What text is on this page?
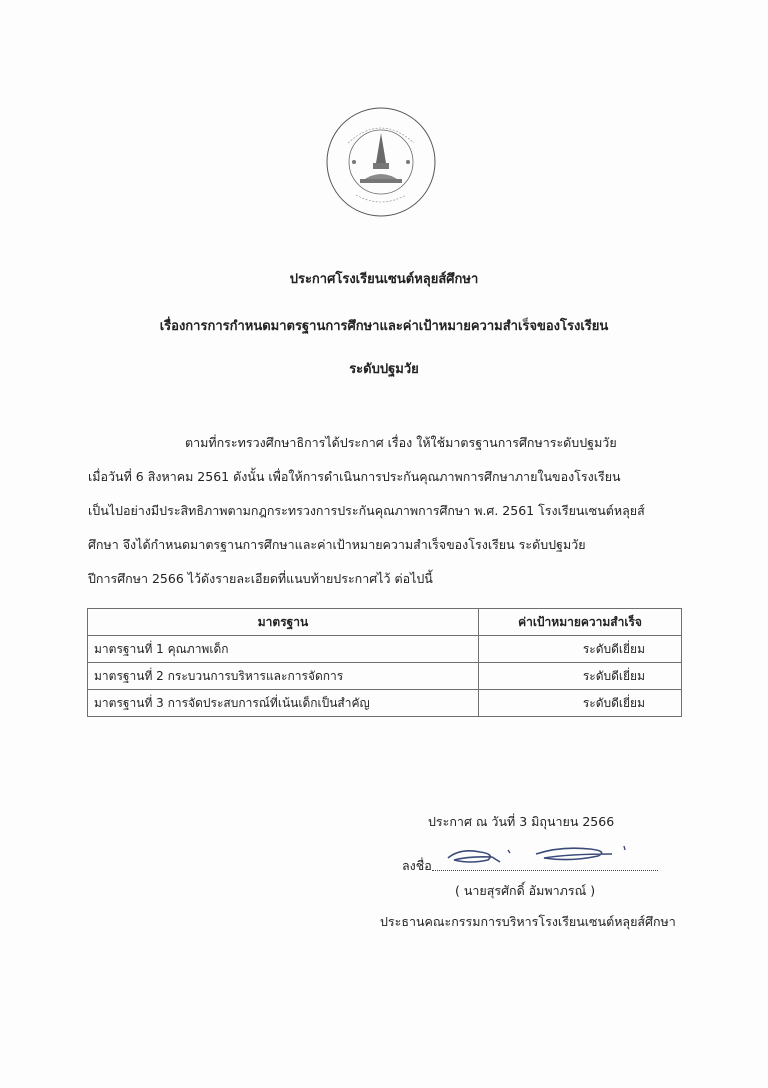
ประกาศโรงเรียนเซนต์หลุยส์ศึกษา
เรื่องการการกำหนดมาตรฐานการศึกษาและค่าเป้าหมายความสำเร็จของโรงเรียน
ระดับปฐมวัย
ตามที่กระทรวงศึกษาธิการได้ประกาศ เรื่อง ให้ใช้มาตรฐานการศึกษาระดับปฐมวัย
เมื่อวันที่ 6 สิงหาคม 2561 ดังนั้น เพื่อให้การดำเนินการประกันคุณภาพการศึกษาภายในของโรงเรียน
เป็นไปอย่างมีประสิทธิภาพตามกฎกระทรวงการประกันคุณภาพการศึกษา พ.ศ. 2561 โรงเรียนเซนต์หลุยส์
ศึกษา จึงได้กำหนดมาตรฐานการศึกษาและค่าเป้าหมายความสำเร็จของโรงเรียน ระดับปฐมวัย
ปีการศึกษา 2566 ไว้ดังรายละเอียดที่แนบท้ายประกาศไว้ ต่อไปนี้
มาตรฐาน	ค่าเป้าหมายความสำเร็จ
มาตรฐานที่ 1 คุณภาพเด็ก	ระดับดีเยี่ยม
มาตรฐานที่ 2 กระบวนการบริหารและการจัดการ	ระดับดีเยี่ยม
มาตรฐานที่ 3 การจัดประสบการณ์ที่เน้นเด็กเป็นสำคัญ	ระดับดีเยี่ยม
ประกาศ ณ วันที่ 3 มิถุนายน 2566
ลงชื่อ
( นายสุรศักดิ์ อัมพาภรณ์ )
ประธานคณะกรรมการบริหารโรงเรียนเซนต์หลุยส์ศึกษา
